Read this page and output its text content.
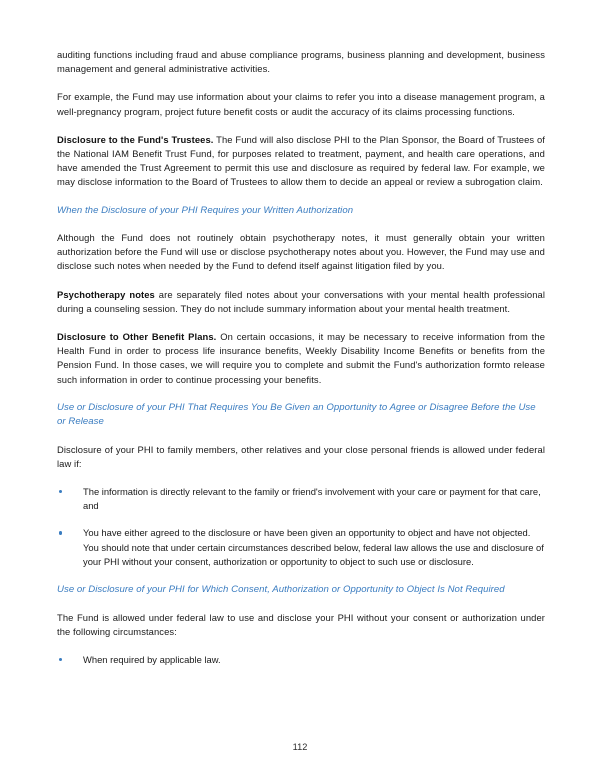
auditing functions including fraud and abuse compliance programs, business planning and development, business management and general administrative activities.

For example, the Fund may use information about your claims to refer you into a disease management program, a well-pregnancy program, project future benefit costs or audit the accuracy of its claims processing functions.

Disclosure to the Fund's Trustees. The Fund will also disclose PHI to the Plan Sponsor, the Board of Trustees of the National IAM Benefit Trust Fund, for purposes related to treatment, payment, and health care operations, and have amended the Trust Agreement to permit this use and disclosure as required by federal law. For example, we may disclose information to the Board of Trustees to allow them to decide an appeal or review a subrogation claim.

When the Disclosure of your PHI Requires your Written Authorization

Although the Fund does not routinely obtain psychotherapy notes, it must generally obtain your written authorization before the Fund will use or disclose psychotherapy notes about you. However, the Fund may use and disclose such notes when needed by the Fund to defend itself against litigation filed by you.

Psychotherapy notes are separately filed notes about your conversations with your mental health professional during a counseling session. They do not include summary information about your mental health treatment.

Disclosure to Other Benefit Plans. On certain occasions, it may be necessary to receive information from the Health Fund in order to process life insurance benefits, Weekly Disability Income Benefits or benefits from the Pension Fund. In those cases, we will require you to complete and submit the Fund's authorization formto release such information in order to continue processing your benefits.

Use or Disclosure of your PHI That Requires You Be Given an Opportunity to Agree or Disagree Before the Use or Release

Disclosure of your PHI to family members, other relatives and your close personal friends is allowed under federal law if:

The information is directly relevant to the family or friend's involvement with your care or payment for that care, and
You have either agreed to the disclosure or have been given an opportunity to object and have not objected. You should note that under certain circumstances described below, federal law allows the use and disclosure of your PHI without your consent, authorization or opportunity to object to such use or disclosure.
Use or Disclosure of your PHI for Which Consent, Authorization or Opportunity to Object Is Not Required

The Fund is allowed under federal law to use and disclose your PHI without your consent or authorization under the following circumstances:

When required by applicable law.
112
